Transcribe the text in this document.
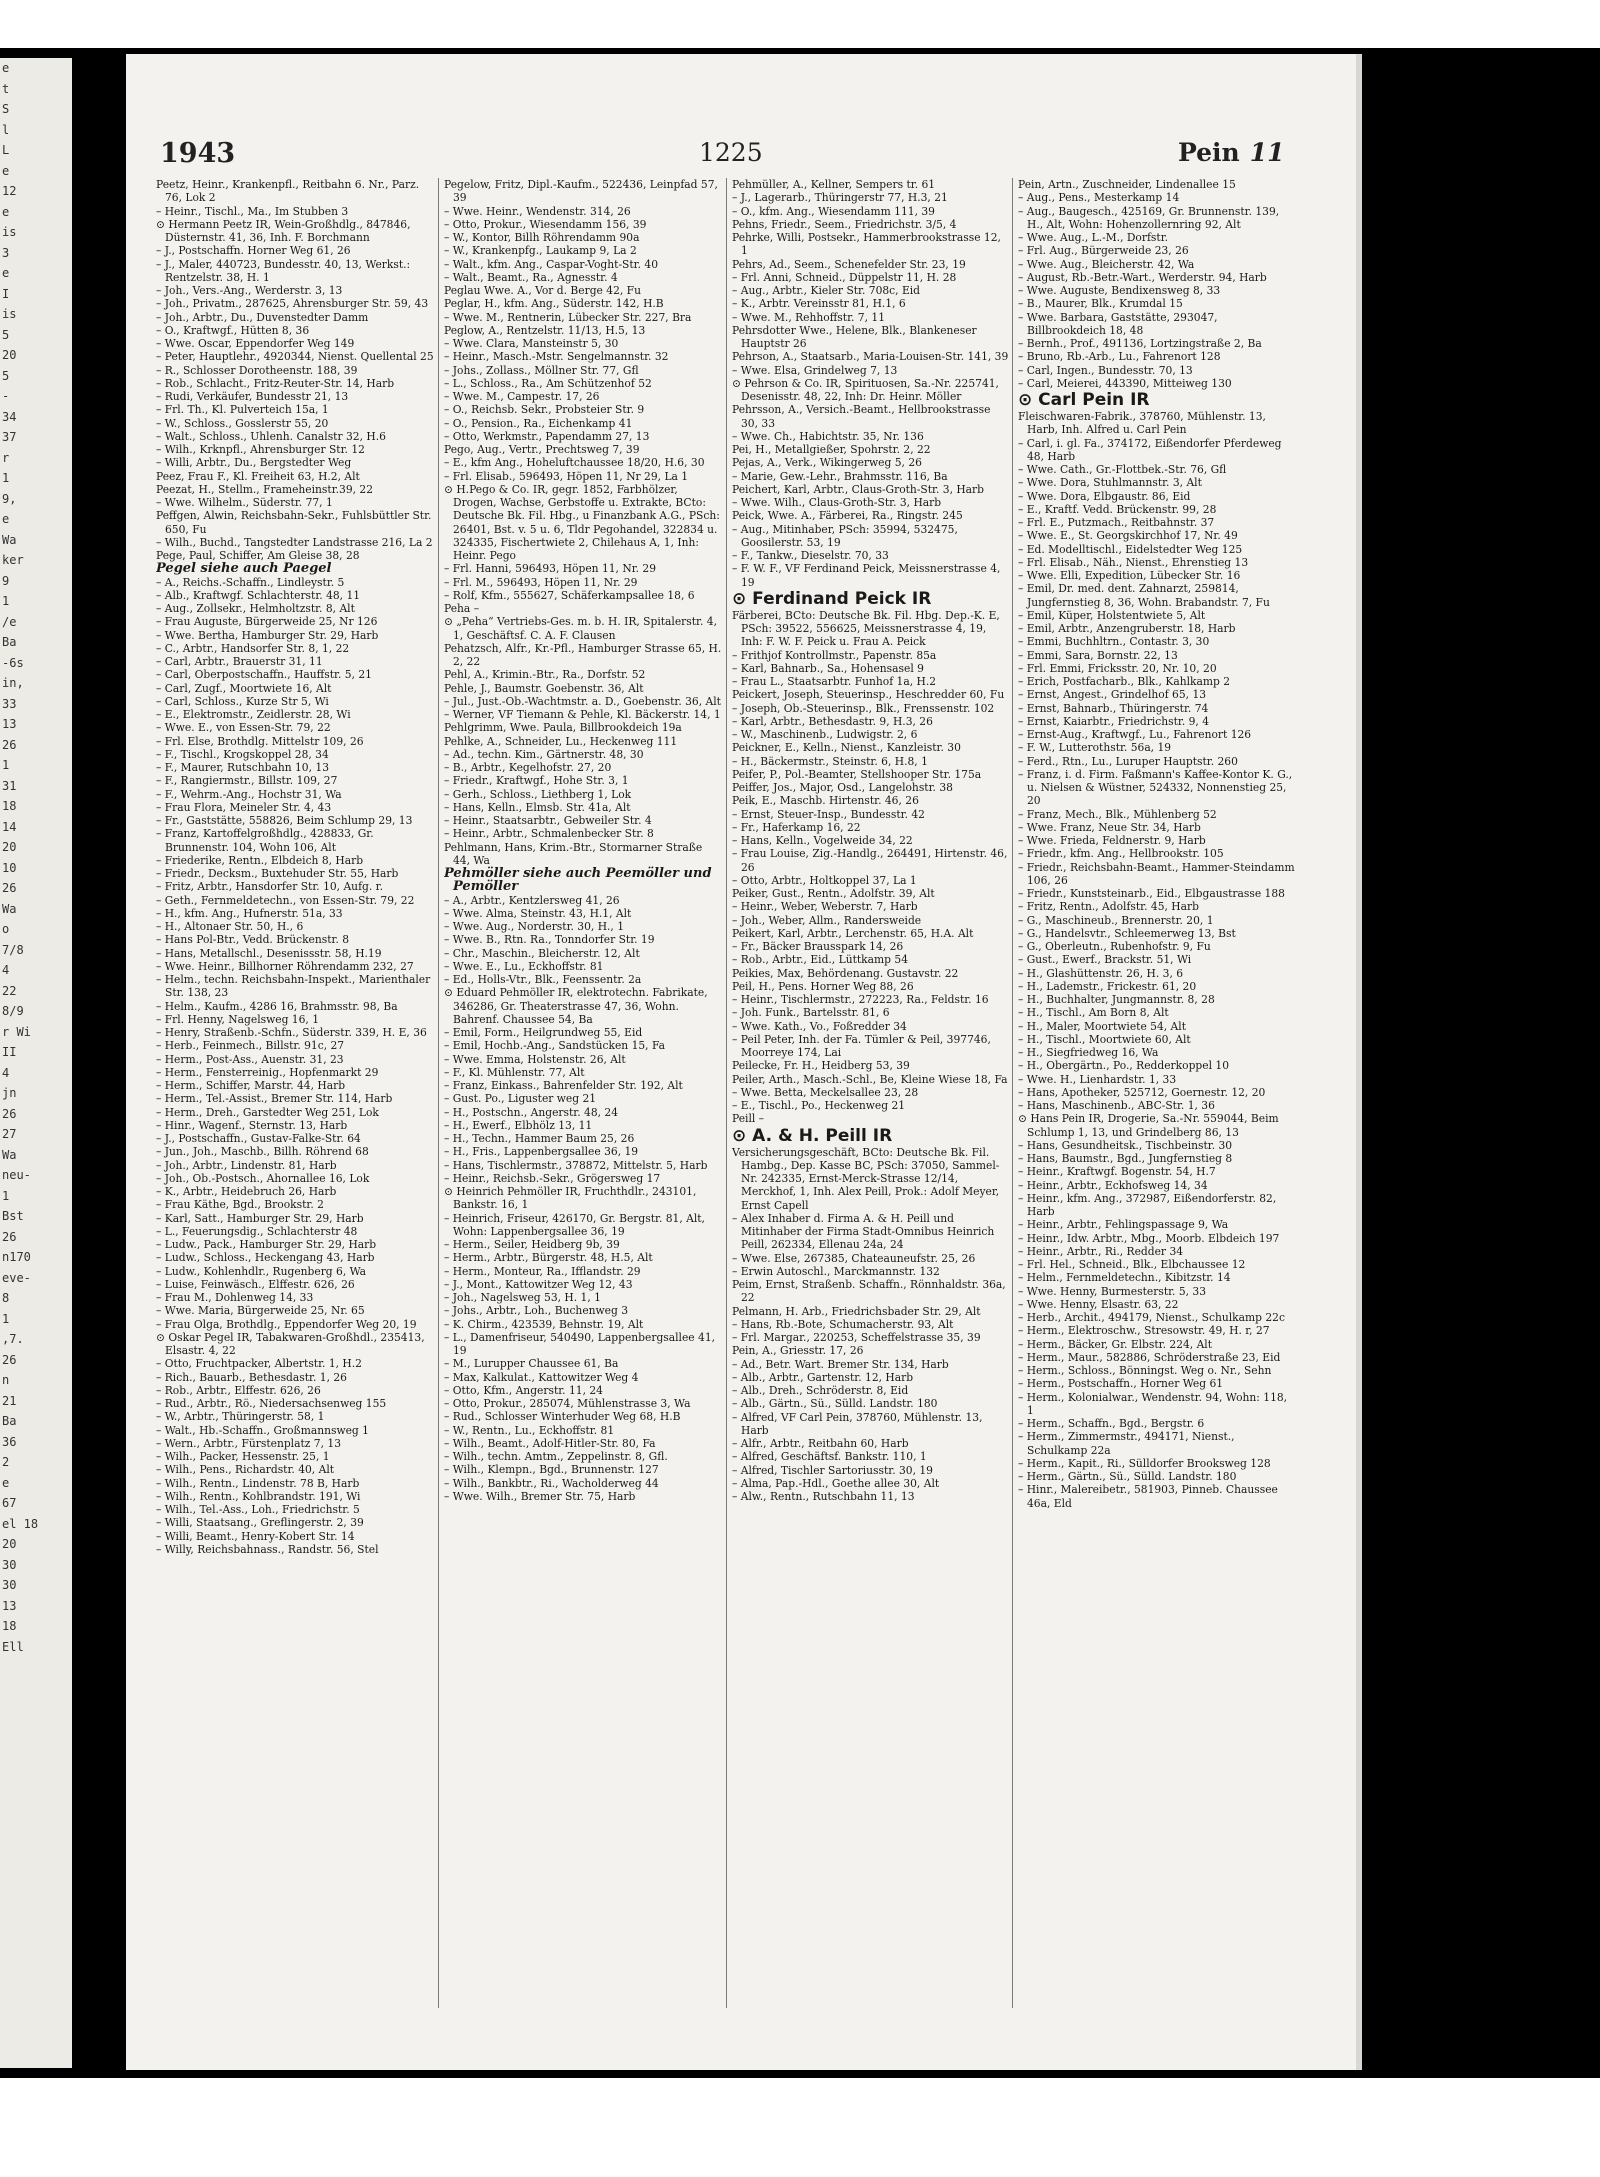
e
t
S
l
L
e
12
e
is
3
e
I
is
5
20
5
-
34
37
r
1
9,
e
Wa
ker
9
1
/e
Ba
-6s
in,
33
13
26
1
31
18
14
20
10
26
Wa
o
7/8
4
22
8/9
r Wi
II
4
jn
26
27
Wa
neu-
1
Bst
26
n170
eve-
8
1
,7.
26
n
21
Ba
36
2
e
67
el 18
20
30
30
13
18
Ell
1943	1225	Pein 11

Peetz, Heinr., Krankenpfl., Reitbahn 6. Nr., Parz. 76, Lok 2

– Heinr., Tischl., Ma., Im Stubben 3

⊙ Hermann Peetz IR, Wein-Großhdlg., 847846, Düsternstr. 41, 36, Inh. F. Borchmann

– J., Postschaffn. Horner Weg 61, 26

– J., Maler, 440723, Bundesstr. 40, 13, Werkst.: Rentzelstr. 38, H. 1

– Joh., Vers.-Ang., Werderstr. 3, 13

– Joh., Privatm., 287625, Ahrensburger Str. 59, 43

– Joh., Arbtr., Du., Duvenstedter Damm

– O., Kraftwgf., Hütten 8, 36

– Wwe. Oscar, Eppendorfer Weg 149

– Peter, Hauptlehr., 4920344, Nienst. Quellental 25

– R., Schlosser Dorotheenstr. 188, 39

– Rob., Schlacht., Fritz-Reuter-Str. 14, Harb

– Rudi, Verkäufer, Bundesstr 21, 13

– Frl. Th., Kl. Pulverteich 15a, 1

– W., Schloss., Gosslerstr 55, 20

– Walt., Schloss., Uhlenh. Canalstr 32, H.6

– Wilh., Krknpfl., Ahrensburger Str. 12

– Willi, Arbtr., Du., Bergstedter Weg

Peez, Frau F., Kl. Freiheit 63, H.2, Alt

Peezat, H., Stellm., Frameheinstr.39, 22

– Wwe. Wilhelm., Süderstr. 77, 1

Peffgen, Alwin, Reichsbahn-Sekr., Fuhlsbüttler Str. 650, Fu

– Wilh., Buchd., Tangstedter Landstrasse 216, La 2

Pege, Paul, Schiffer, Am Gleise 38, 28

Pegel siehe auch Paegel

– A., Reichs.-Schaffn., Lindleystr. 5

– Alb., Kraftwgf. Schlachterstr. 48, 11

– Aug., Zollsekr., Helmholtzstr. 8, Alt

– Frau Auguste, Bürgerweide 25, Nr 126

– Wwe. Bertha, Hamburger Str. 29, Harb

– C., Arbtr., Handsorfer Str. 8, 1, 22

– Carl, Arbtr., Brauerstr 31, 11

– Carl, Oberpostschaffn., Hauffstr. 5, 21

– Carl, Zugf., Moortwiete 16, Alt

– Carl, Schloss., Kurze Str 5, Wi

– E., Elektromstr., Zeidlerstr. 28, Wi

– Wwe. E., von Essen-Str. 79, 22

– Frl. Else, Brothdlg. Mittelstr 109, 26

– F., Tischl., Krogskoppel 28, 34

– F., Maurer, Rutschbahn 10, 13

– F., Rangiermstr., Billstr. 109, 27

– F., Wehrm.-Ang., Hochstr 31, Wa

– Frau Flora, Meineler Str. 4, 43

– Fr., Gaststätte, 558826, Beim Schlump 29, 13

– Franz, Kartoffelgroßhdlg., 428833, Gr. Brunnenstr. 104, Wohn 106, Alt

– Friederike, Rentn., Elbdeich 8, Harb

– Friedr., Decksm., Buxtehuder Str. 55, Harb

– Fritz, Arbtr., Hansdorfer Str. 10, Aufg. r.

– Geth., Fernmeldetechn., von Essen-Str. 79, 22

– H., kfm. Ang., Hufnerstr. 51a, 33

– H., Altonaer Str. 50, H., 6

– Hans Pol-Btr., Vedd. Brückenstr. 8

– Hans, Metallschl., Desenissstr. 58, H.19

– Wwe. Heinr., Billhorner Röhrendamm 232, 27

– Helm., techn. Reichsbahn-Inspekt., Marienthaler Str. 138, 23

– Helm., Kaufm., 4286 16, Brahmsstr. 98, Ba

– Frl. Henny, Nagelsweg 16, 1

– Henry, Straßenb.-Schfn., Süderstr. 339, H. E, 36

– Herb., Feinmech., Billstr. 91c, 27

– Herm., Post-Ass., Auenstr. 31, 23

– Herm., Fensterreinig., Hopfenmarkt 29

– Herm., Schiffer, Marstr. 44, Harb

– Herm., Tel.-Assist., Bremer Str. 114, Harb

– Herm., Dreh., Garstedter Weg 251, Lok

– Hinr., Wagenf., Sternstr. 13, Harb

– J., Postschaffn., Gustav-Falke-Str. 64

– Jun., Joh., Maschb., Billh. Röhrend 68

– Joh., Arbtr., Lindenstr. 81, Harb

– Joh., Ob.-Postsch., Ahornallee 16, Lok

– K., Arbtr., Heidebruch 26, Harb

– Frau Käthe, Bgd., Brookstr. 2

– Karl, Satt., Hamburger Str. 29, Harb

– L., Feuerungsdig., Schlachterstr 48

– Ludw., Pack., Hamburger Str. 29, Harb

– Ludw., Schloss., Heckengang 43, Harb

– Ludw., Kohlenhdlr., Rugenberg 6, Wa

– Luise, Feinwäsch., Elffestr. 626, 26

– Frau M., Dohlenweg 14, 33

– Wwe. Maria, Bürgerweide 25, Nr. 65

– Frau Olga, Brothdlg., Eppendorfer Weg 20, 19

⊙ Oskar Pegel IR, Tabakwaren-Großhdl., 235413, Elsastr. 4, 22

– Otto, Fruchtpacker, Albertstr. 1, H.2

– Rich., Bauarb., Bethesdastr. 1, 26

– Rob., Arbtr., Elffestr. 626, 26

– Rud., Arbtr., Rö., Niedersachsenweg 155

– W., Arbtr., Thüringerstr. 58, 1

– Walt., Hb.-Schaffn., Großmannsweg 1

– Wern., Arbtr., Fürstenplatz 7, 13

– Wilh., Packer, Hessenstr. 25, 1

– Wilh., Pens., Richardstr. 40, Alt

– Wilh., Rentn., Lindenstr. 78 B, Harb

– Wilh., Rentn., Kohlbrandstr. 191, Wi

– Wilh., Tel.-Ass., Loh., Friedrichstr. 5

– Willi, Staatsang., Greflingerstr. 2, 39

– Willi, Beamt., Henry-Kobert Str. 14

– Willy, Reichsbahnass., Randstr. 56, Stel

Pegelow, Fritz, Dipl.-Kaufm., 522436, Leinpfad 57, 39

– Wwe. Heinr., Wendenstr. 314, 26

– Otto, Prokur., Wiesendamm 156, 39

– W., Kontor, Billh Röhrendamm 90a

– W., Krankenpfg., Laukamp 9, La 2

– Walt., kfm. Ang., Caspar-Voght-Str. 40

– Walt., Beamt., Ra., Agnesstr. 4

Peglau Wwe. A., Vor d. Berge 42, Fu

Peglar, H., kfm. Ang., Süderstr. 142, H.B

– Wwe. M., Rentnerin, Lübecker Str. 227, Bra

Peglow, A., Rentzelstr. 11/13, H.5, 13

– Wwe. Clara, Mansteinstr 5, 30

– Heinr., Masch.-Mstr. Sengelmannstr. 32

– Johs., Zollass., Möllner Str. 77, Gfl

– L., Schloss., Ra., Am Schützenhof 52

– Wwe. M., Campestr. 17, 26

– O., Reichsb. Sekr., Probsteier Str. 9

– O., Pension., Ra., Eichenkamp 41

– Otto, Werkmstr., Papendamm 27, 13

Pego, Aug., Vertr., Prechtsweg 7, 39

– E., kfm Ang., Hoheluftchaussee 18/20, H.6, 30

– Frl. Elisab., 596493, Höpen 11, Nr 29, La 1

⊙ H.Pego & Co. IR, gegr. 1852, Farbhölzer, Drogen, Wachse, Gerbstoffe u. Extrakte, BCto: Deutsche Bk. Fil. Hbg., u Finanzbank A.G., PSch: 26401, Bst. v. 5 u. 6, Tldr Pegohandel, 322834 u. 324335, Fischertwiete 2, Chilehaus A, 1, Inh: Heinr. Pego

– Frl. Hanni, 596493, Höpen 11, Nr. 29

– Frl. M., 596493, Höpen 11, Nr. 29

– Rolf, Kfm., 555627, Schäferkampsallee 18, 6

Peha –

⊙ „Peha“ Vertriebs-Ges. m. b. H. IR, Spitalerstr. 4, 1, Geschäftsf. C. A. F. Clausen

Pehatzsch, Alfr., Kr.-Pfl., Hamburger Strasse 65, H. 2, 22

Pehl, A., Krimin.-Btr., Ra., Dorfstr. 52

Pehle, J., Baumstr. Goebenstr. 36, Alt

– Jul., Just.-Ob.-Wachtmstr. a. D., Goebenstr. 36, Alt

– Werner, VF Tiemann & Pehle, Kl. Bäckerstr. 14, 1

Pehlgrimm, Wwe. Paula, Billbrookdeich 19a

Pehlke, A., Schneider, Lu., Heckenweg 111

– Ad., techn. Kim., Gärtnerstr. 48, 30

– B., Arbtr., Kegelhofstr. 27, 20

– Friedr., Kraftwgf., Hohe Str. 3, 1

– Gerh., Schloss., Liethberg 1, Lok

– Hans, Kelln., Elmsb. Str. 41a, Alt

– Heinr., Staatsarbtr., Gebweiler Str. 4

– Heinr., Arbtr., Schmalenbecker Str. 8

Pehlmann, Hans, Krim.-Btr., Stormarner Straße 44, Wa

Pehmöller siehe auch Peemöller und Pemöller

– A., Arbtr., Kentzlersweg 41, 26

– Wwe. Alma, Steinstr. 43, H.1, Alt

– Wwe. Aug., Norderstr. 30, H., 1

– Wwe. B., Rtn. Ra., Tonndorfer Str. 19

– Chr., Maschin., Bleicherstr. 12, Alt

– Wwe. E., Lu., Eckhoffstr. 81

– Ed., Holls-Vtr., Blk., Feenssentr. 2a

⊙ Eduard Pehmöller IR, elektrotechn. Fabrikate, 346286, Gr. Theaterstrasse 47, 36, Wohn. Bahrenf. Chaussee 54, Ba

– Emil, Form., Heilgrundweg 55, Eid

– Emil, Hochb.-Ang., Sandstücken 15, Fa

– Wwe. Emma, Holstenstr. 26, Alt

– F., Kl. Mühlenstr. 77, Alt

– Franz, Einkass., Bahrenfelder Str. 192, Alt

– Gust. Po., Liguster weg 21

– H., Postschn., Angerstr. 48, 24

– H., Ewerf., Elbhölz 13, 11

– H., Techn., Hammer Baum 25, 26

– H., Fris., Lappenbergsallee 36, 19

– Hans, Tischlermstr., 378872, Mittelstr. 5, Harb

– Heinr., Reichsb.-Sekr., Grögersweg 17

⊙ Heinrich Pehmöller IR, Fruchthdlr., 243101, Bankstr. 16, 1

– Heinrich, Friseur, 426170, Gr. Bergstr. 81, Alt, Wohn: Lappenbergsallee 36, 19

– Herm., Seiler, Heidberg 9b, 39

– Herm., Arbtr., Bürgerstr. 48, H.5, Alt

– Herm., Monteur, Ra., Ifflandstr. 29

– J., Mont., Kattowitzer Weg 12, 43

– Joh., Nagelsweg 53, H. 1, 1

– Johs., Arbtr., Loh., Buchenweg 3

– K. Chirm., 423539, Behnstr. 19, Alt

– L., Damenfriseur, 540490, Lappenbergsallee 41, 19

– M., Lurupper Chaussee 61, Ba

– Max, Kalkulat., Kattowitzer Weg 4

– Otto, Kfm., Angerstr. 11, 24

– Otto, Prokur., 285074, Mühlenstrasse 3, Wa

– Rud., Schlosser Winterhuder Weg 68, H.B

– W., Rentn., Lu., Eckhoffstr. 81

– Wilh., Beamt., Adolf-Hitler-Str. 80, Fa

– Wilh., techn. Amtm., Zeppelinstr. 8, Gfl.

– Wilh., Klempn., Bgd., Brunnenstr. 127

– Wilh., Bankbtr., Ri., Wacholderweg 44

– Wwe. Wilh., Bremer Str. 75, Harb

Pehmüller, A., Kellner, Sempers tr. 61

– J., Lagerarb., Thüringerstr 77, H.3, 21

– O., kfm. Ang., Wiesendamm 111, 39

Pehns, Friedr., Seem., Friedrichstr. 3/5, 4

Pehrke, Willi, Postsekr., Hammerbrookstrasse 12, 1

Pehrs, Ad., Seem., Schenefelder Str. 23, 19

– Frl. Anni, Schneid., Düppelstr 11, H. 28

– Aug., Arbtr., Kieler Str. 708c, Eid

– K., Arbtr. Vereinsstr 81, H.1, 6

– Wwe. M., Rehhoffstr. 7, 11

Pehrsdotter Wwe., Helene, Blk., Blankeneser Hauptstr 26

Pehrson, A., Staatsarb., Maria-Louisen-Str. 141, 39

– Wwe. Elsa, Grindelweg 7, 13

⊙ Pehrson & Co. IR, Spirituosen, Sa.-Nr. 225741, Desenisstr. 48, 22, Inh: Dr. Heinr. Möller

Pehrsson, A., Versich.-Beamt., Hellbrookstrasse 30, 33

– Wwe. Ch., Habichtstr. 35, Nr. 136

Pei, H., Metallgießer, Spohrstr. 2, 22

Pejas, A., Verk., Wikingerweg 5, 26

– Marie, Gew.-Lehr., Brahmsstr. 116, Ba

Peichert, Karl, Arbtr., Claus-Groth-Str. 3, Harb

– Wwe. Wilh., Claus-Groth-Str. 3, Harb

Peick, Wwe. A., Färberei, Ra., Ringstr. 245

– Aug., Mitinhaber, PSch: 35994, 532475, Goosilerstr. 53, 19

– F., Tankw., Dieselstr. 70, 33

– F. W. F., VF Ferdinand Peick, Meissnerstrasse 4, 19

⊙ Ferdinand Peick IR

Färberei, BCto: Deutsche Bk. Fil. Hbg. Dep.-K. E, PSch: 39522, 556625, Meissnerstrasse 4, 19, Inh: F. W. F. Peick u. Frau A. Peick

– Frithjof Kontrollmstr., Papenstr. 85a

– Karl, Bahnarb., Sa., Hohensasel 9

– Frau L., Staatsarbtr. Funhof 1a, H.2

Peickert, Joseph, Steuerinsp., Heschredder 60, Fu

– Joseph, Ob.-Steuerinsp., Blk., Frenssenstr. 102

– Karl, Arbtr., Bethesdastr. 9, H.3, 26

– W., Maschinenb., Ludwigstr. 2, 6

Peickner, E., Kelln., Nienst., Kanzleistr. 30

– H., Bäckermstr., Steinstr. 6, H.8, 1

Peifer, P., Pol.-Beamter, Stellshooper Str. 175a

Peiffer, Jos., Major, Osd., Langelohstr. 38

Peik, E., Maschb. Hirtenstr. 46, 26

– Ernst, Steuer-Insp., Bundesstr. 42

– Fr., Haferkamp 16, 22

– Hans, Kelln., Vogelweide 34, 22

– Frau Louise, Zig.-Handlg., 264491, Hirtenstr. 46, 26

– Otto, Arbtr., Holtkoppel 37, La 1

Peiker, Gust., Rentn., Adolfstr. 39, Alt

– Heinr., Weber, Weberstr. 7, Harb

– Joh., Weber, Allm., Randersweide

Peikert, Karl, Arbtr., Lerchenstr. 65, H.A. Alt

– Fr., Bäcker Brausspark 14, 26

– Rob., Arbtr., Eid., Lüttkamp 54

Peikies, Max, Behördenang. Gustavstr. 22

Peil, H., Pens. Horner Weg 88, 26

– Heinr., Tischlermstr., 272223, Ra., Feldstr. 16

– Joh. Funk., Bartelsstr. 81, 6

– Wwe. Kath., Vo., Foßredder 34

– Peil Peter, Inh. der Fa. Tümler & Peil, 397746, Moorreye 174, Lai

Peilecke, Fr. H., Heidberg 53, 39

Peiler, Arth., Masch.-Schl., Be, Kleine Wiese 18, Fa

– Wwe. Betta, Meckelsallee 23, 28

– E., Tischl., Po., Heckenweg 21

Peill –

⊙ A. & H. Peill IR

Versicherungsgeschäft, BCto: Deutsche Bk. Fil. Hambg., Dep. Kasse BC, PSch: 37050, Sammel-Nr. 242335, Ernst-Merck-Strasse 12/14, Merckhof, 1, Inh. Alex Peill, Prok.: Adolf Meyer, Ernst Capell

– Alex Inhaber d. Firma A. & H. Peill und Mitinhaber der Firma Stadt-Omnibus Heinrich Peill, 262334, Ellenau 24a, 24

– Wwe. Else, 267385, Chateauneufstr. 25, 26

– Erwin Autoschl., Marckmannstr. 132

Peim, Ernst, Straßenb. Schaffn., Rönnhaldstr. 36a, 22

Pelmann, H. Arb., Friedrichsbader Str. 29, Alt

– Hans, Rb.-Bote, Schumacherstr. 93, Alt

– Frl. Margar., 220253, Scheffelstrasse 35, 39

Pein, A., Griesstr. 17, 26

– Ad., Betr. Wart. Bremer Str. 134, Harb

– Alb., Arbtr., Gartenstr. 12, Harb

– Alb., Dreh., Schröderstr. 8, Eid

– Alb., Gärtn., Sü., Sülld. Landstr. 180

– Alfred, VF Carl Pein, 378760, Mühlenstr. 13, Harb

– Alfr., Arbtr., Reitbahn 60, Harb

– Alfred, Geschäftsf. Bankstr. 110, 1

– Alfred, Tischler Sartoriusstr. 30, 19

– Alma, Pap.-Hdl., Goethe allee 30, Alt

– Alw., Rentn., Rutschbahn 11, 13

Pein, Artn., Zuschneider, Lindenallee 15

– Aug., Pens., Mesterkamp 14

– Aug., Baugesch., 425169, Gr. Brunnenstr. 139, H., Alt, Wohn: Hohenzollernring 92, Alt

– Wwe. Aug., L.-M., Dorfstr.

– Frl. Aug., Bürgerweide 23, 26

– Wwe. Aug., Bleicherstr. 42, Wa

– August, Rb.-Betr.-Wart., Werderstr. 94, Harb

– Wwe. Auguste, Bendixensweg 8, 33

– B., Maurer, Blk., Krumdal 15

– Wwe. Barbara, Gaststätte, 293047, Billbrookdeich 18, 48

– Bernh., Prof., 491136, Lortzingstraße 2, Ba

– Bruno, Rb.-Arb., Lu., Fahrenort 128

– Carl, Ingen., Bundesstr. 70, 13

– Carl, Meierei, 443390, Mitteiweg 130

⊙ Carl Pein IR

Fleischwaren-Fabrik., 378760, Mühlenstr. 13, Harb, Inh. Alfred u. Carl Pein

– Carl, i. gl. Fa., 374172, Eißendorfer Pferdeweg 48, Harb

– Wwe. Cath., Gr.-Flottbek.-Str. 76, Gfl

– Wwe. Dora, Stuhlmannstr. 3, Alt

– Wwe. Dora, Elbgaustr. 86, Eid

– E., Kraftf. Vedd. Brückenstr. 99, 28

– Frl. E., Putzmach., Reitbahnstr. 37

– Wwe. E., St. Georgskirchhof 17, Nr. 49

– Ed. Modelltischl., Eidelstedter Weg 125

– Frl. Elisab., Näh., Nienst., Ehrenstieg 13

– Wwe. Elli, Expedition, Lübecker Str. 16

– Emil, Dr. med. dent. Zahnarzt, 259814, Jungfernstieg 8, 36, Wohn. Brabandstr. 7, Fu

– Emil, Küper, Holstentwiete 5, Alt

– Emil, Arbtr., Anzengruberstr. 18, Harb

– Emmi, Buchhltrn., Contastr. 3, 30

– Emmi, Sara, Bornstr. 22, 13

– Frl. Emmi, Fricksstr. 20, Nr. 10, 20

– Erich, Postfacharb., Blk., Kahlkamp 2

– Ernst, Angest., Grindelhof 65, 13

– Ernst, Bahnarb., Thüringerstr. 74

– Ernst, Kaiarbtr., Friedrichstr. 9, 4

– Ernst-Aug., Kraftwgf., Lu., Fahrenort 126

– F. W., Lutterothstr. 56a, 19

– Ferd., Rtn., Lu., Luruper Hauptstr. 260

– Franz, i. d. Firm. Faßmann's Kaffee-Kontor K. G., u. Nielsen & Wüstner, 524332, Nonnenstieg 25, 20

– Franz, Mech., Blk., Mühlenberg 52

– Wwe. Franz, Neue Str. 34, Harb

– Wwe. Frieda, Feldnerstr. 9, Harb

– Friedr., kfm. Ang., Hellbrookstr. 105

– Friedr., Reichsbahn-Beamt., Hammer-Steindamm 106, 26

– Friedr., Kunststeinarb., Eid., Elbgaustrasse 188

– Fritz, Rentn., Adolfstr. 45, Harb

– G., Maschineub., Brennerstr. 20, 1

– G., Handelsvtr., Schleemerweg 13, Bst

– G., Oberleutn., Rubenhofstr. 9, Fu

– Gust., Ewerf., Brackstr. 51, Wi

– H., Glashüttenstr. 26, H. 3, 6

– H., Lademstr., Frickestr. 61, 20

– H., Buchhalter, Jungmannstr. 8, 28

– H., Tischl., Am Born 8, Alt

– H., Maler, Moortwiete 54, Alt

– H., Tischl., Moortwiete 60, Alt

– H., Siegfriedweg 16, Wa

– H., Obergärtn., Po., Redderkoppel 10

– Wwe. H., Lienhardstr. 1, 33

– Hans, Apotheker, 525712, Goernestr. 12, 20

– Hans, Maschinenb., ABC-Str. 1, 36

⊙ Hans Pein IR, Drogerie, Sa.-Nr. 559044, Beim Schlump 1, 13, und Grindelberg 86, 13

– Hans, Gesundheitsk., Tischbeinstr. 30

– Hans, Baumstr., Bgd., Jungfernstieg 8

– Heinr., Kraftwgf. Bogenstr. 54, H.7

– Heinr., Arbtr., Eckhofsweg 14, 34

– Heinr., kfm. Ang., 372987, Eißendorferstr. 82, Harb

– Heinr., Arbtr., Fehlingspassage 9, Wa

– Heinr., Idw. Arbtr., Mbg., Moorb. Elbdeich 197

– Heinr., Arbtr., Ri., Redder 34

– Frl. Hel., Schneid., Blk., Elbchaussee 12

– Helm., Fernmeldetechn., Kibitzstr. 14

– Wwe. Henny, Burmesterstr. 5, 33

– Wwe. Henny, Elsastr. 63, 22

– Herb., Archit., 494179, Nienst., Schulkamp 22c

– Herm., Elektroschw., Stresowstr. 49, H. r, 27

– Herm., Bäcker, Gr. Elbstr. 224, Alt

– Herm., Maur., 582886, Schröderstraße 23, Eid

– Herm., Schloss., Bönningst. Weg o. Nr., Sehn

– Herm., Postschaffn., Horner Weg 61

– Herm., Kolonialwar., Wendenstr. 94, Wohn: 118, 1

– Herm., Schaffn., Bgd., Bergstr. 6

– Herm., Zimmermstr., 494171, Nienst., Schulkamp 22a

– Herm., Kapit., Ri., Sülldorfer Brooksweg 128

– Herm., Gärtn., Sü., Sülld. Landstr. 180

– Hinr., Malereibetr., 581903, Pinneb. Chaussee 46a, Eld
